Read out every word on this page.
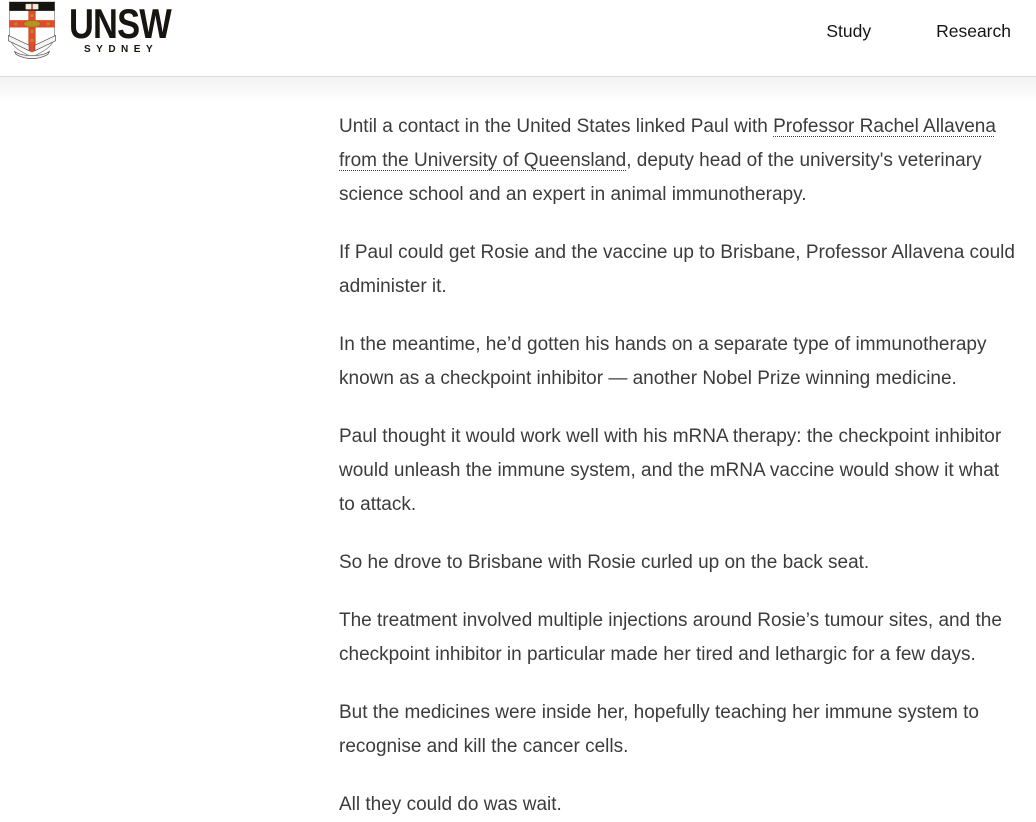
UNSW
SYDNEY
Study	Research

Until a contact in the United States linked Paul with Professor Rachel Allavena from the University of Queensland, deputy head of the university's veterinary science school and an expert in animal immunotherapy.

If Paul could get Rosie and the vaccine up to Brisbane, Professor Allavena could administer it.

In the meantime, he’d gotten his hands on a separate type of immunotherapy known as a checkpoint inhibitor — another Nobel Prize winning medicine.

Paul thought it would work well with his mRNA therapy: the checkpoint inhibitor would unleash the immune system, and the mRNA vaccine would show it what to attack.

So he drove to Brisbane with Rosie curled up on the back seat.

The treatment involved multiple injections around Rosie’s tumour sites, and the checkpoint inhibitor in particular made her tired and lethargic for a few days.

But the medicines were inside her, hopefully teaching her immune system to recognise and kill the cancer cells.

All they could do was wait.
